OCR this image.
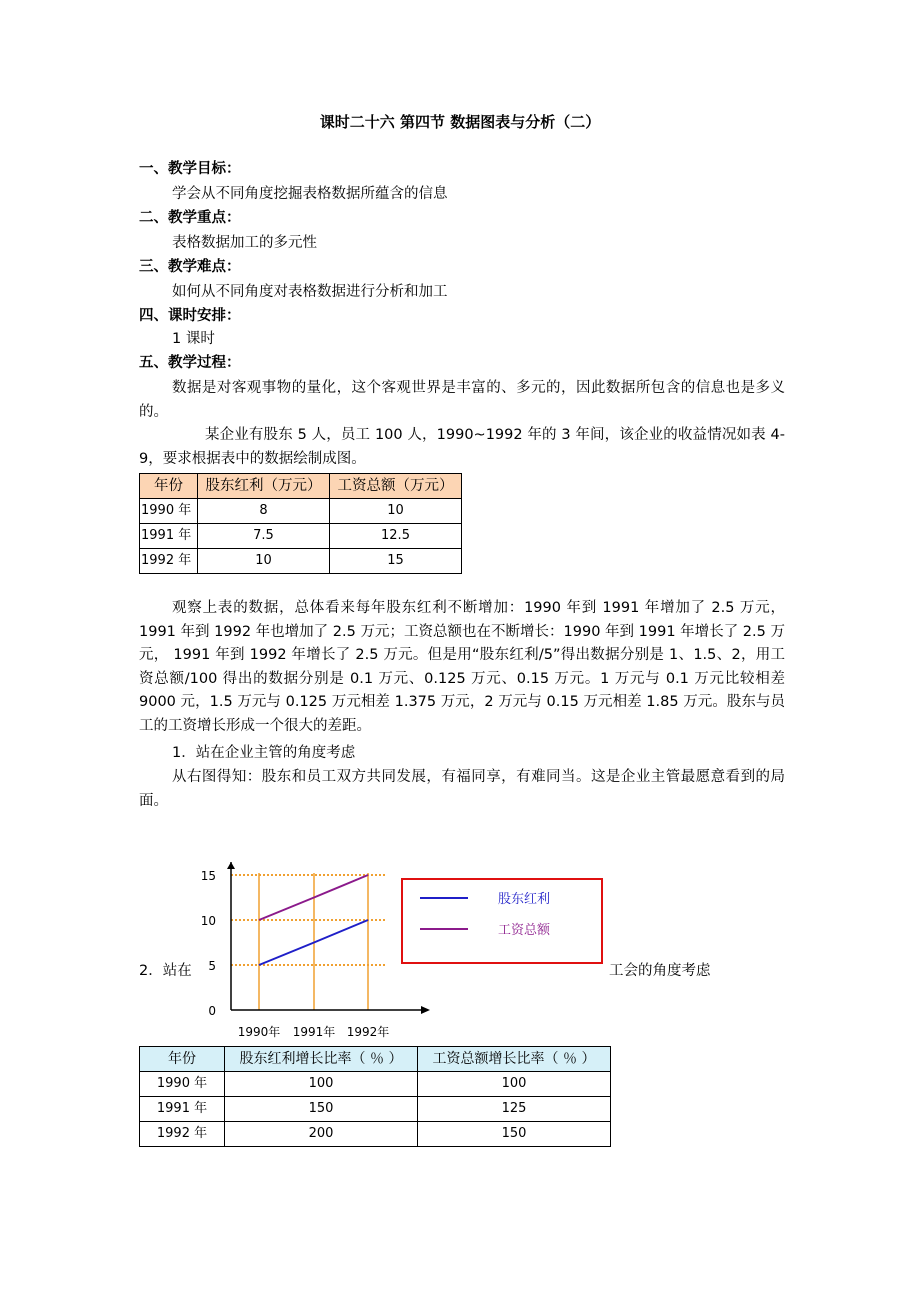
课时二十六 第四节 数据图表与分析（二）
一、教学目标：
学会从不同角度挖掘表格数据所蕴含的信息
二、教学重点：
表格数据加工的多元性
三、教学难点：
如何从不同角度对表格数据进行分析和加工
四、课时安排：
1 课时
五、教学过程：

数据是对客观事物的量化，这个客观世界是丰富的、多元的，因此数据所包含的信息也是多义的。

某企业有股东 5 人，员工 100 人，1990~1992 年的 3 年间，该企业的收益情况如表 4-9，要求根据表中的数据绘制成图。

年份	股东红利（万元）	工资总额（万元）
1990 年	8	10
1991 年	7.5	12.5
1992 年	10	15

观察上表的数据，总体看来每年股东红利不断增加：1990 年到 1991 年增加了 2.5 万元，1991 年到 1992 年也增加了 2.5 万元；工资总额也在不断增长：1990 年到 1991 年增长了 2.5 万元， 1991 年到 1992 年增长了 2.5 万元。但是用“股东红利/5”得出数据分别是 1、1.5、2，用工资总额/100 得出的数据分别是 0.1 万元、0.125 万元、0.15 万元。1 万元与 0.1 万元比较相差 9000 元，1.5 万元与 0.125 万元相差 1.375 万元，2 万元与 0.15 万元相差 1.85 万元。股东与员工的工资增长形成一个很大的差距。

1．站在企业主管的角度考虑

从右图得知：股东和员工双方共同发展，有福同享，有难同当。这是企业主管最愿意看到的局面。

2．站在	工会的角度考虑
0
5
10
15
1990年 1991年 1992年
股东红利
工资总额
年份	股东红利增长比率（ ％ ）	工资总额增长比率（ ％ ）
1990 年	100	100
1991 年	150	125
1992 年	200	150
